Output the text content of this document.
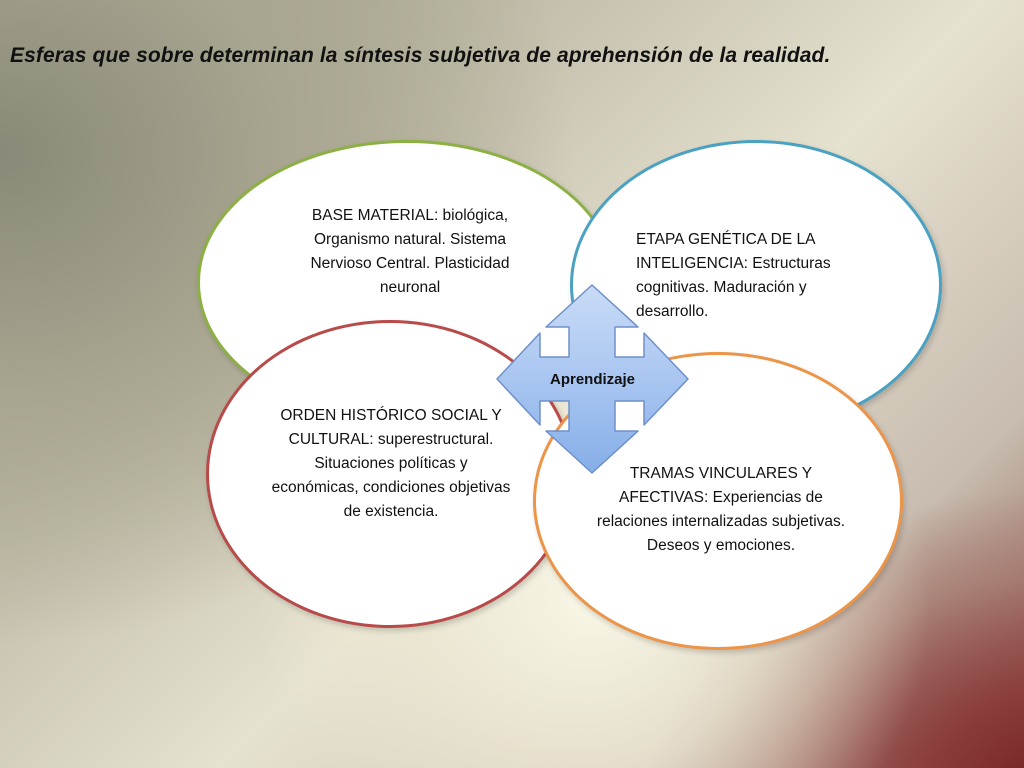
Esferas que sobre determinan la síntesis subjetiva de aprehensión de la realidad.

BASE MATERIAL: biológica, Organismo natural. Sistema Nervioso Central. Plasticidad neuronal

ETAPA GENÉTICA DE LA INTELIGENCIA: Estructuras cognitivas. Maduración y desarrollo.

ORDEN HISTÓRICO SOCIAL Y CULTURAL: superestructural. Situaciones políticas y económicas, condiciones objetivas de existencia.

TRAMAS VINCULARES Y AFECTIVAS: Experiencias de relaciones internalizadas subjetivas. Deseos y emociones.

Aprendizaje
